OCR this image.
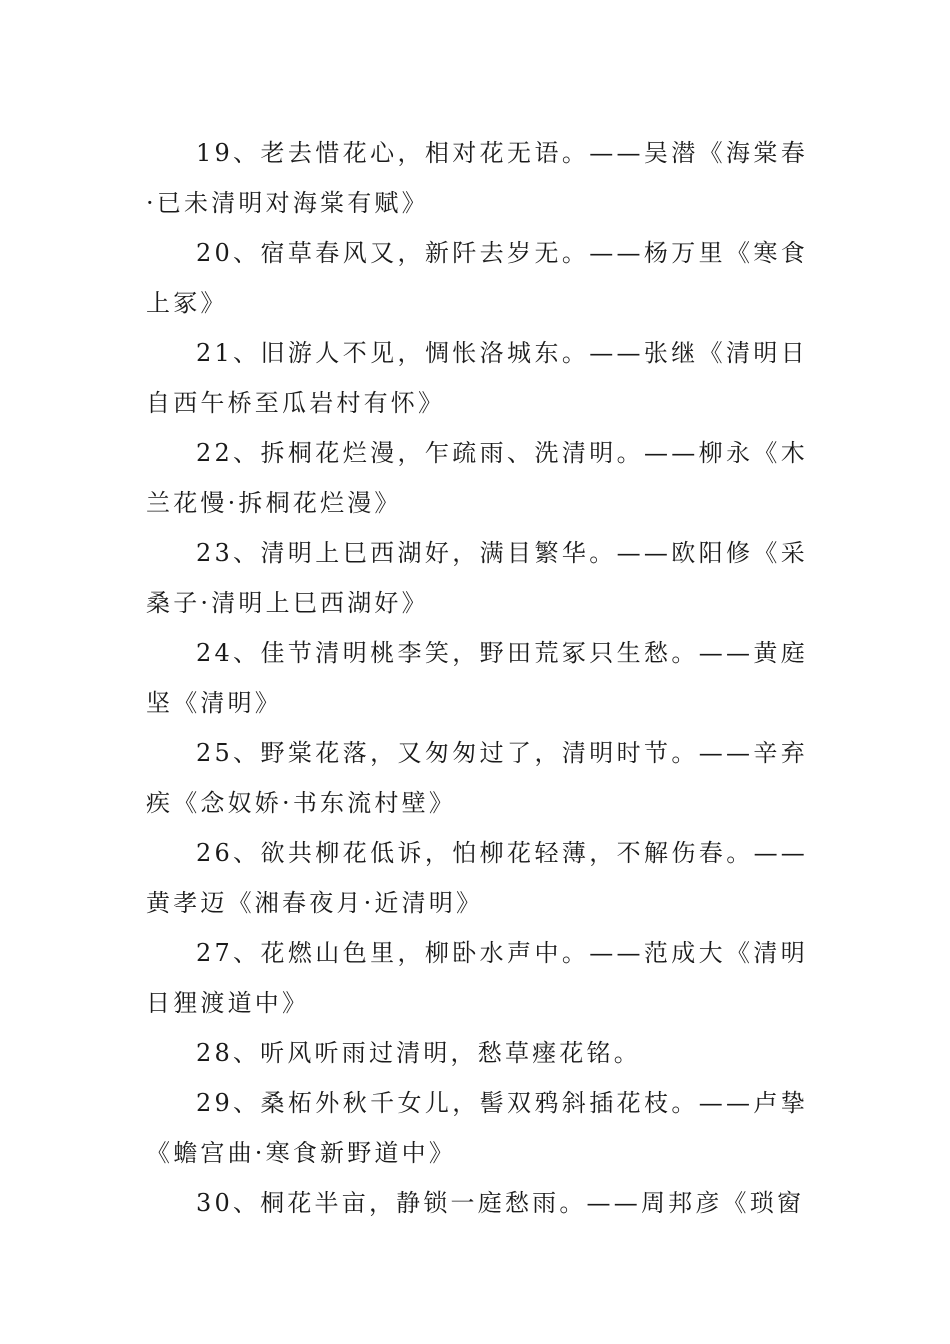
19、老去惜花心，相对花无语。——吴潜《海棠春·已未清明对海棠有赋》

20、宿草春风又，新阡去岁无。——杨万里《寒食上冢》

21、旧游人不见，惆怅洛城东。——张继《清明日自西午桥至瓜岩村有怀》

22、拆桐花烂漫，乍疏雨、洗清明。——柳永《木兰花慢·拆桐花烂漫》

23、清明上巳西湖好，满目繁华。——欧阳修《采桑子·清明上巳西湖好》

24、佳节清明桃李笑，野田荒冢只生愁。——黄庭坚《清明》

25、野棠花落，又匆匆过了，清明时节。——辛弃疾《念奴娇·书东流村壁》

26、欲共柳花低诉，怕柳花轻薄，不解伤春。——黄孝迈《湘春夜月·近清明》

27、花燃山色里，柳卧水声中。——范成大《清明日狸渡道中》

28、听风听雨过清明，愁草瘗花铭。

29、桑柘外秋千女儿，髻双鸦斜插花枝。——卢挚《蟾宫曲·寒食新野道中》

30、桐花半亩，静锁一庭愁雨。——周邦彦《琐窗
